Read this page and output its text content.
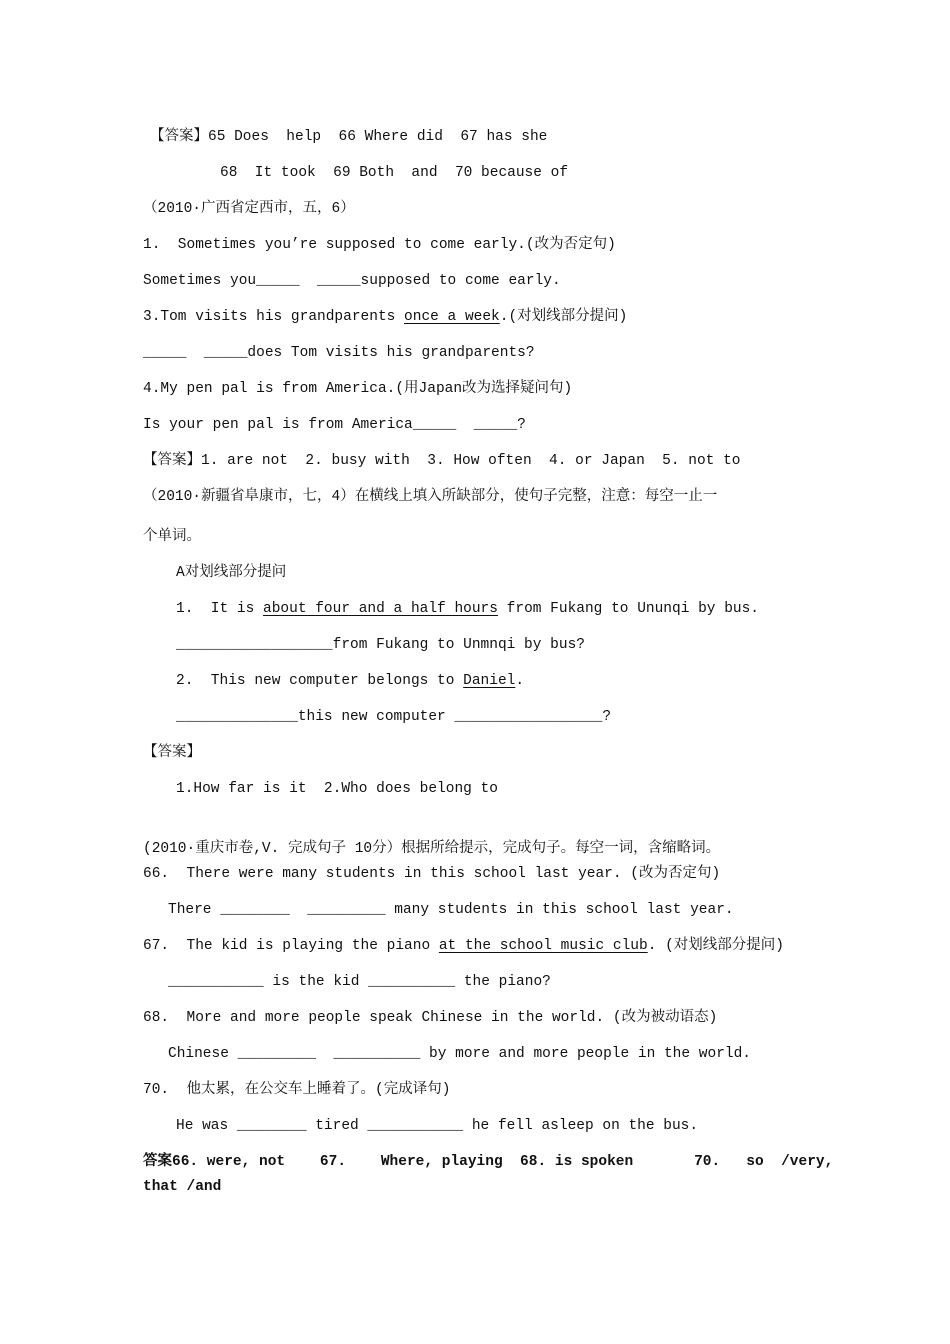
【答案】65 Does  help  66 Where did  67 has she

68  It took  69 Both  and  70 because of

（2010·广西省定西市，五，6）

1.  Sometimes you’re supposed to come early.(改为否定句)

Sometimes you_____  _____supposed to come early.

3.Tom visits his grandparents once a week.(对划线部分提问)

_____  _____does Tom visits his grandparents?

4.My pen pal is from America.(用Japan改为选择疑问句)

Is your pen pal is from America_____  _____?

【答案】1. are not  2. busy with  3. How often  4. or Japan  5. not to

（2010·新疆省阜康市，七，4）在横线上填入所缺部分，使句子完整，注意：每空一止一

个单词。

A对划线部分提问

1.  It is about four and a half hours from Fukang to Ununqi by bus.

__________________from Fukang to Unmnqi by bus?

2.  This new computer belongs to Daniel.

______________this new computer _________________?

【答案】

1.How far is it  2.Who does belong to

(2010·重庆市卷,V. 完成句子 10分）根据所给提示，完成句子。每空一词，含缩略词。

66.  There were many students in this school last year. (改为否定句)

There ________  _________ many students in this school last year.

67.  The kid is playing the piano at the school music club. (对划线部分提问)

___________ is the kid __________ the piano?

68.  More and more people speak Chinese in the world. (改为被动语态)

Chinese _________  __________ by more and more people in the world.

70.  他太累，在公交车上睡着了。(完成译句)

He was ________ tired ___________ he fell asleep on the bus.

答案66. were, not    67.    Where, playing  68. is spoken       70.   so  /very,

that /and
